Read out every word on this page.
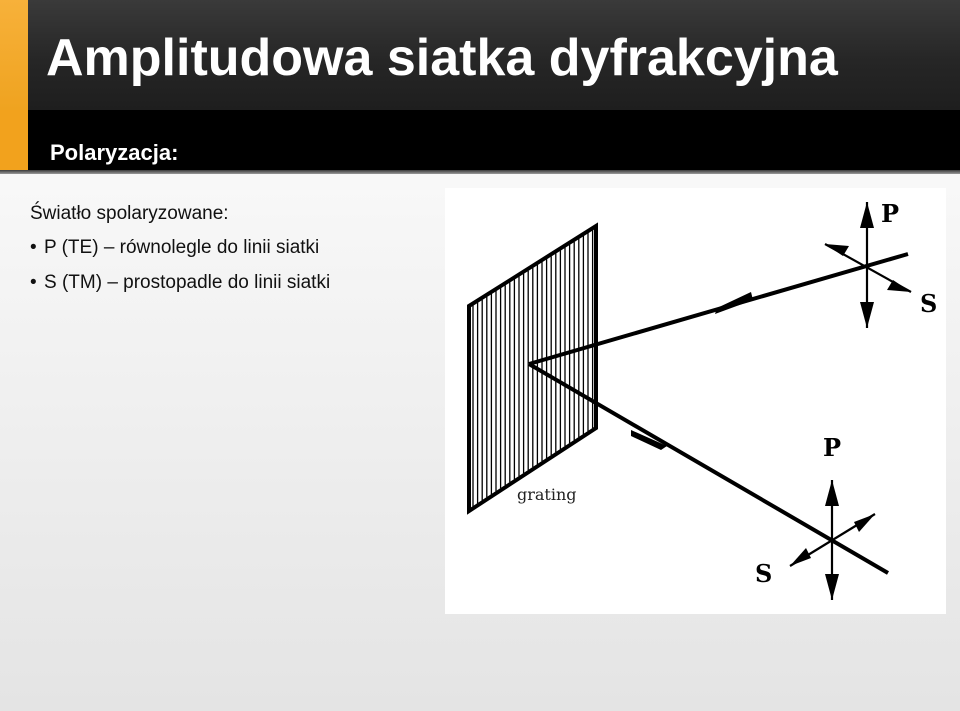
Amplitudowa siatka dyfrakcyjna
Polaryzacja:

Światło spolaryzowane:

• P (TE) – równolegle do linii siatki
• S (TM) – prostopadle do linii siatki
grating
P
S
P
S
